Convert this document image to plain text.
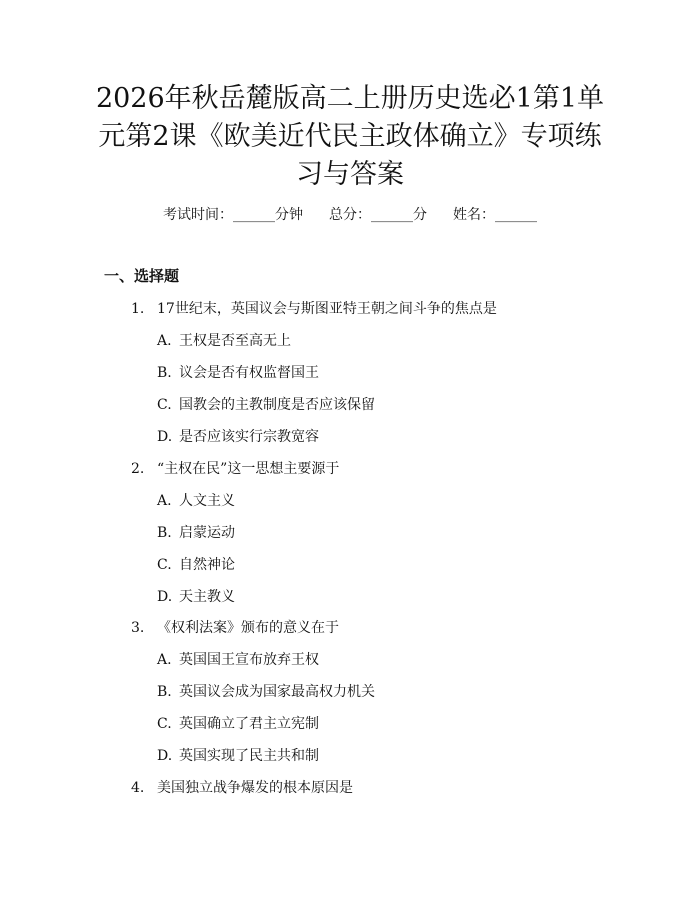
2026年秋岳麓版高二上册历史选必1第1单元第2课《欧美近代民主政体确立》专项练习与答案
考试时间：______分钟 总分：______分 姓名：______
一、选择题
1. 17世纪末，英国议会与斯图亚特王朝之间斗争的焦点是
A. 王权是否至高无上
B. 议会是否有权监督国王
C. 国教会的主教制度是否应该保留
D. 是否应该实行宗教宽容
2. “主权在民”这一思想主要源于
A. 人文主义
B. 启蒙运动
C. 自然神论
D. 天主教义
3. 《权利法案》颁布的意义在于
A. 英国国王宣布放弃王权
B. 英国议会成为国家最高权力机关
C. 英国确立了君主立宪制
D. 英国实现了民主共和制
4. 美国独立战争爆发的根本原因是
